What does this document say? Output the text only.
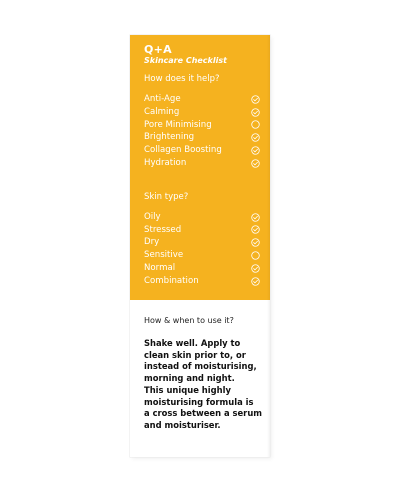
Q+A
Skincare Checklist
How does it help?
Anti-Age
Calming
Pore Minimising
Brightening
Collagen Boosting
Hydration
Skin type?
Oily
Stressed
Dry
Sensitive
Normal
Combination
How & when to use it?
Shake well. Apply to
clean skin prior to, or
instead of moisturising,
morning and night.
This unique highly
moisturising formula is
a cross between a serum
and moisturiser.
